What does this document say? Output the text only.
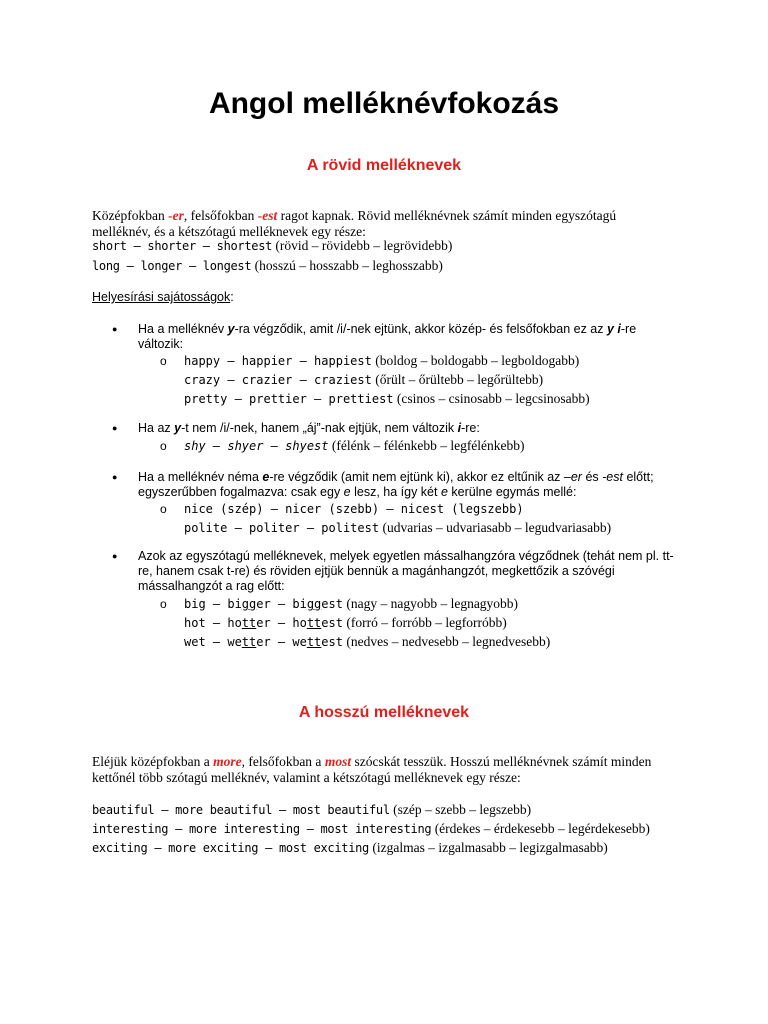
Angol melléknévfokozás
A rövid melléknevek

Középfokban -er, felsőfokban -est ragot kapnak. Rövid melléknévnek számít minden egyszótagú melléknév, és a kétszótagú melléknevek egy része:

short – shorter – shortest (rövid – rövidebb – legrövidebb)
long – longer – longest (hosszú – hosszabb – leghosszabb)

Helyesírási sajátosságok:

● Ha a melléknév y-ra végződik, amit /i/-nek ejtünk, akkor közép- és felsőfokban ez az y i-re változik:

o happy – happier – happiest (boldog – boldogabb – legboldogabb)
crazy – crazier – craziest (őrült – őrültebb – legőrültebb)
pretty – prettier – prettiest (csinos – csinosabb – legcsinosabb)
● Ha az y-t nem /i/-nek, hanem „áj”-nak ejtjük, nem változik i-re:

o shy – shyer – shyest (félénk – félénkebb – legfélénkebb)
● Ha a melléknév néma e-re végződik (amit nem ejtünk ki), akkor ez eltűnik az –er és -est előtt; egyszerűbben fogalmazva: csak egy e lesz, ha így két e kerülne egymás mellé:

o nice (szép) – nicer (szebb) – nicest (legszebb)
polite – politer – politest (udvarias – udvariasabb – legudvariasabb)
● Azok az egyszótagú melléknevek, melyek egyetlen mássalhangzóra végződnek (tehát nem pl. tt-re, hanem csak t-re) és röviden ejtjük bennük a magánhangzót, megkettőzik a szóvégi mássalhangzót a rag előtt:

o big – bigger – biggest (nagy – nagyobb – legnagyobb)
hot – hotter – hottest (forró – forróbb – legforróbb)
wet – wetter – wettest (nedves – nedvesebb – legnedvesebb)
A hosszú melléknevek

Eléjük középfokban a more, felsőfokban a most szócskát tesszük. Hosszú melléknévnek számít minden kettőnél több szótagú melléknév, valamint a kétszótagú melléknevek egy része:

beautiful – more beautiful – most beautiful (szép – szebb – legszebb)
interesting – more interesting – most interesting (érdekes – érdekesebb – legérdekesebb)
exciting – more exciting – most exciting (izgalmas – izgalmasabb – legizgalmasabb)
